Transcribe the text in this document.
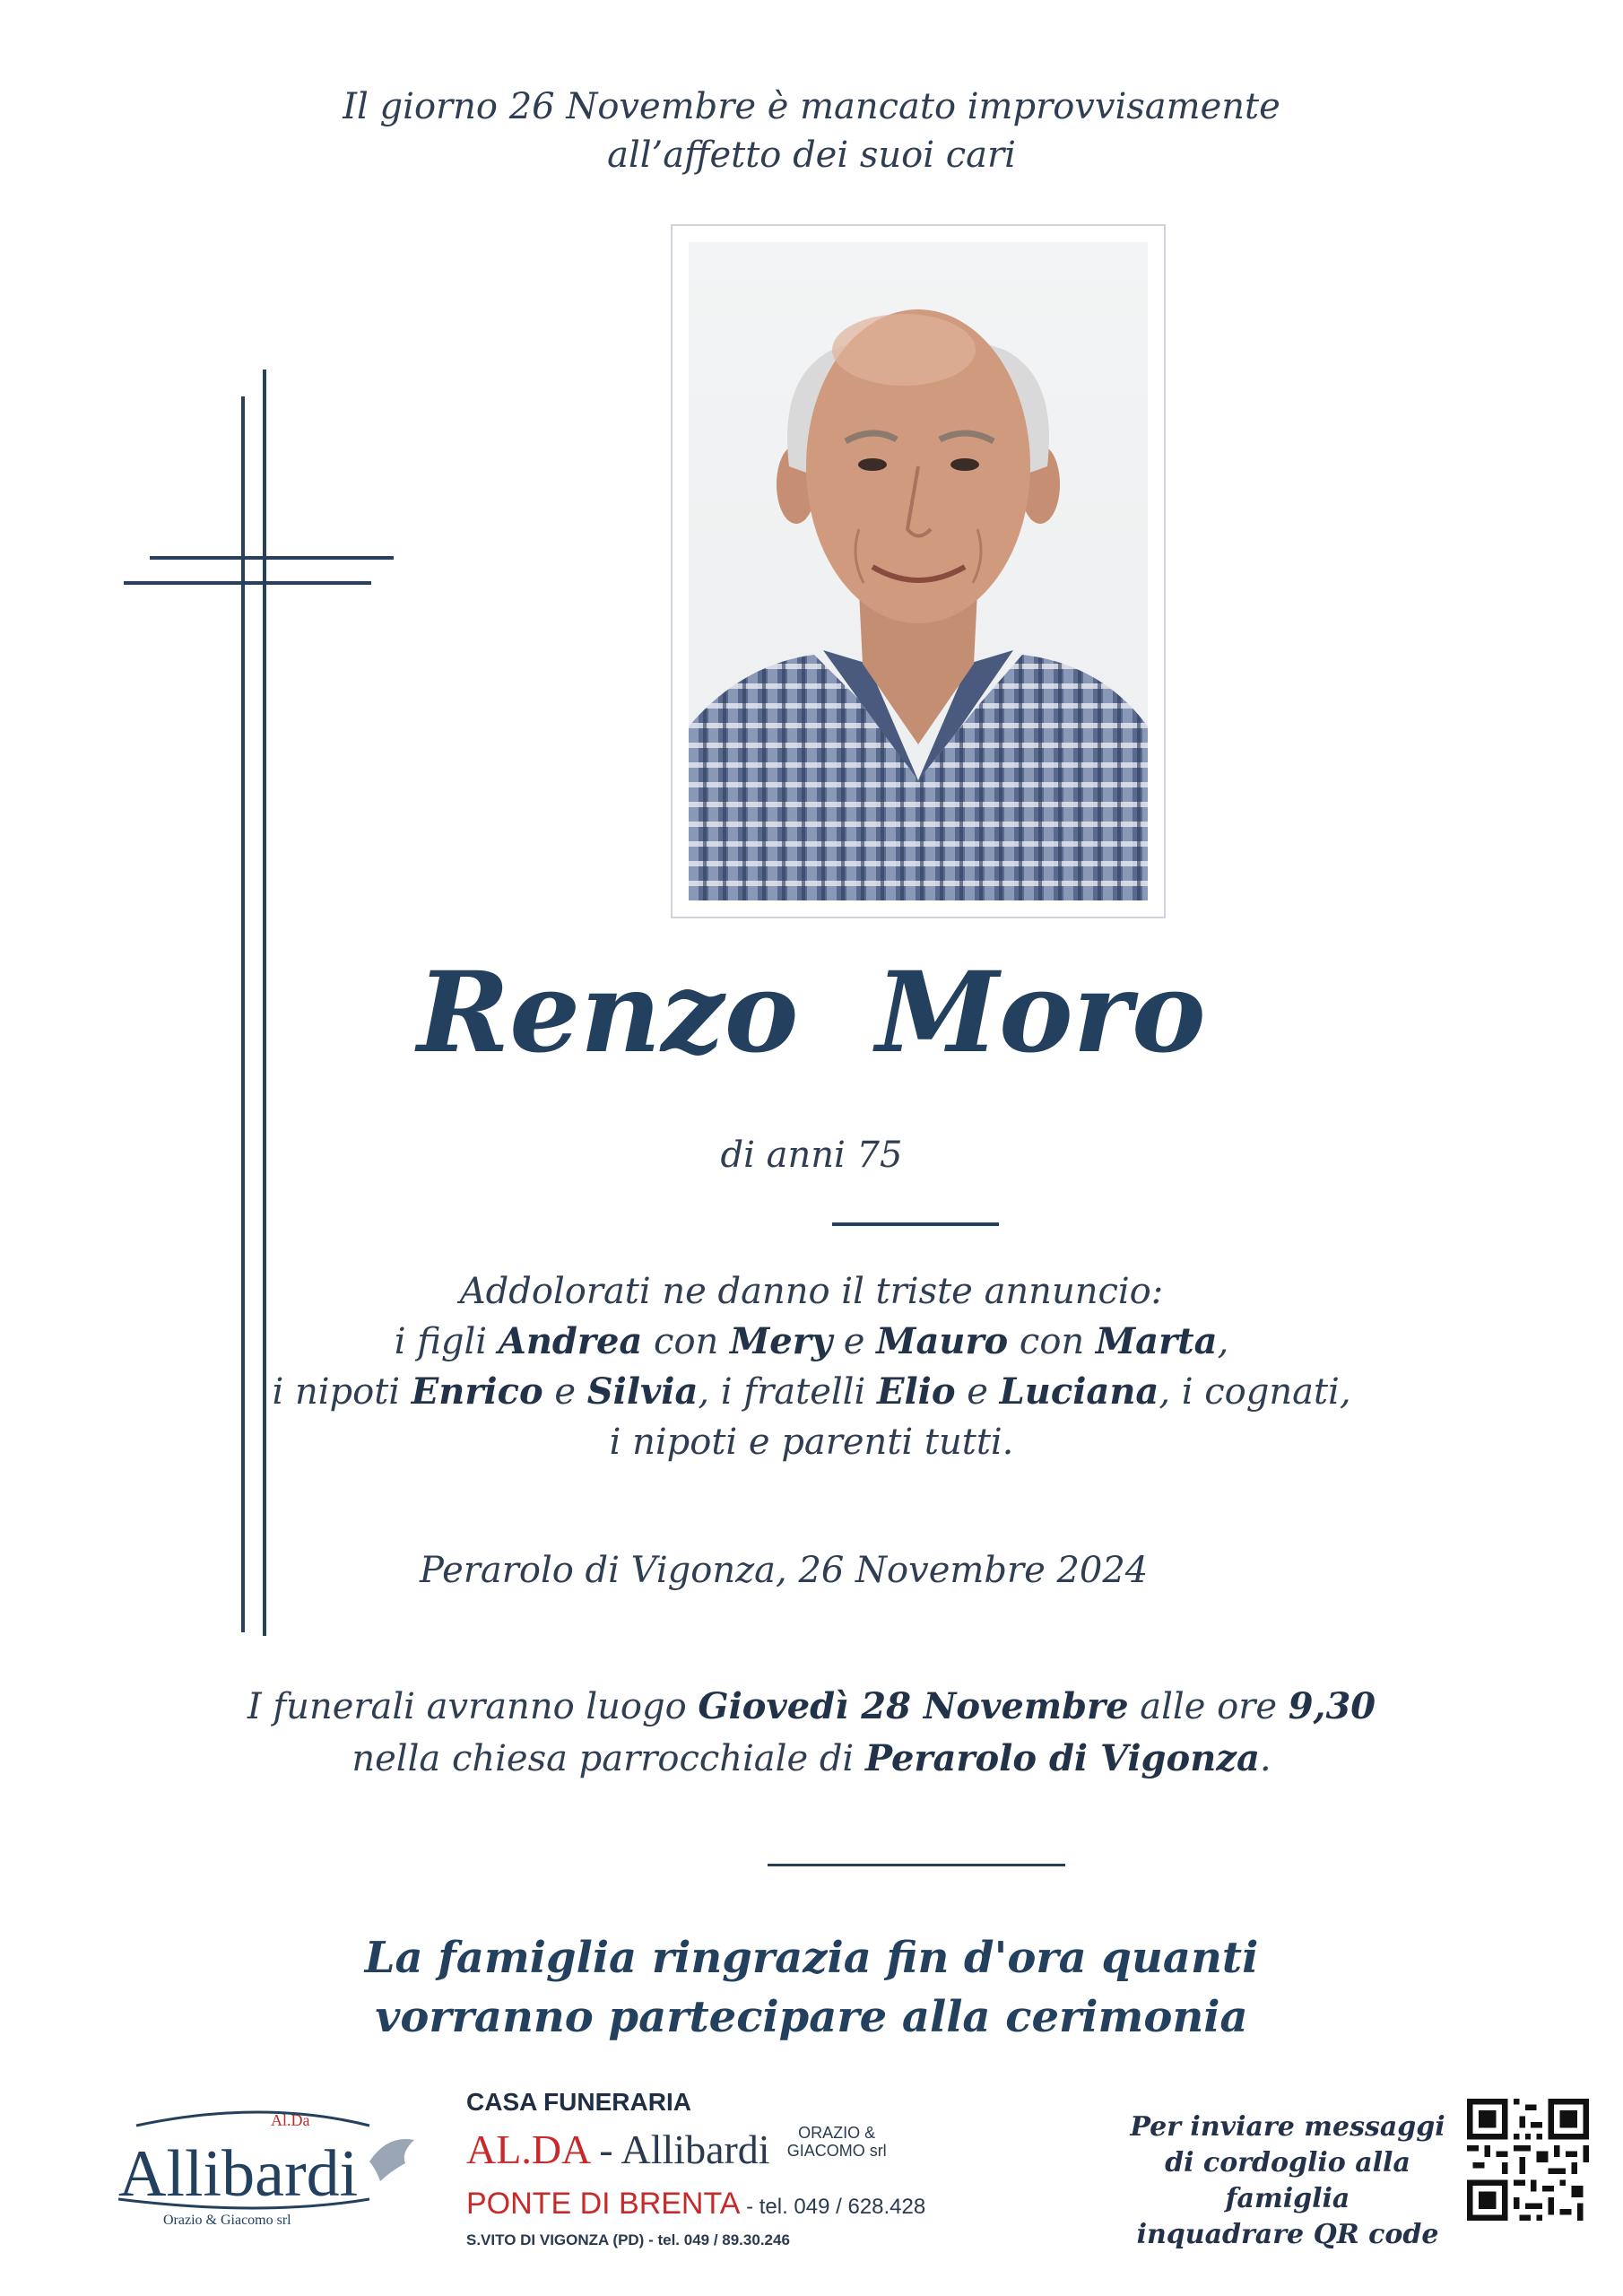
Il giorno 26 Novembre è mancato improvvisamente
all’affetto dei suoi cari
Renzo  Moro
di anni 75
Addolorati ne danno il triste annuncio:
i figli Andrea con Mery e Mauro con Marta,
i nipoti Enrico e Silvia, i fratelli Elio e Luciana, i cognati,
i nipoti e parenti tutti.
Perarolo di Vigonza, 26 Novembre 2024
I funerali avranno luogo Giovedì 28 Novembre alle ore 9,30
nella chiesa parrocchiale di Perarolo di Vigonza.
La famiglia ringrazia fin d'ora quanti
vorranno partecipare alla cerimonia
Al.Da
Allibardi
Orazio & Giacomo srl
CASA FUNERARIA
AL.DA - Allibardi ORAZIO &
GIACOMO srl
PONTE DI BRENTA - tel. 049 / 628.428
S.VITO DI VIGONZA (PD) - tel. 049 / 89.30.246
Per inviare messaggi
di cordoglio alla famiglia
inquadrare QR code
